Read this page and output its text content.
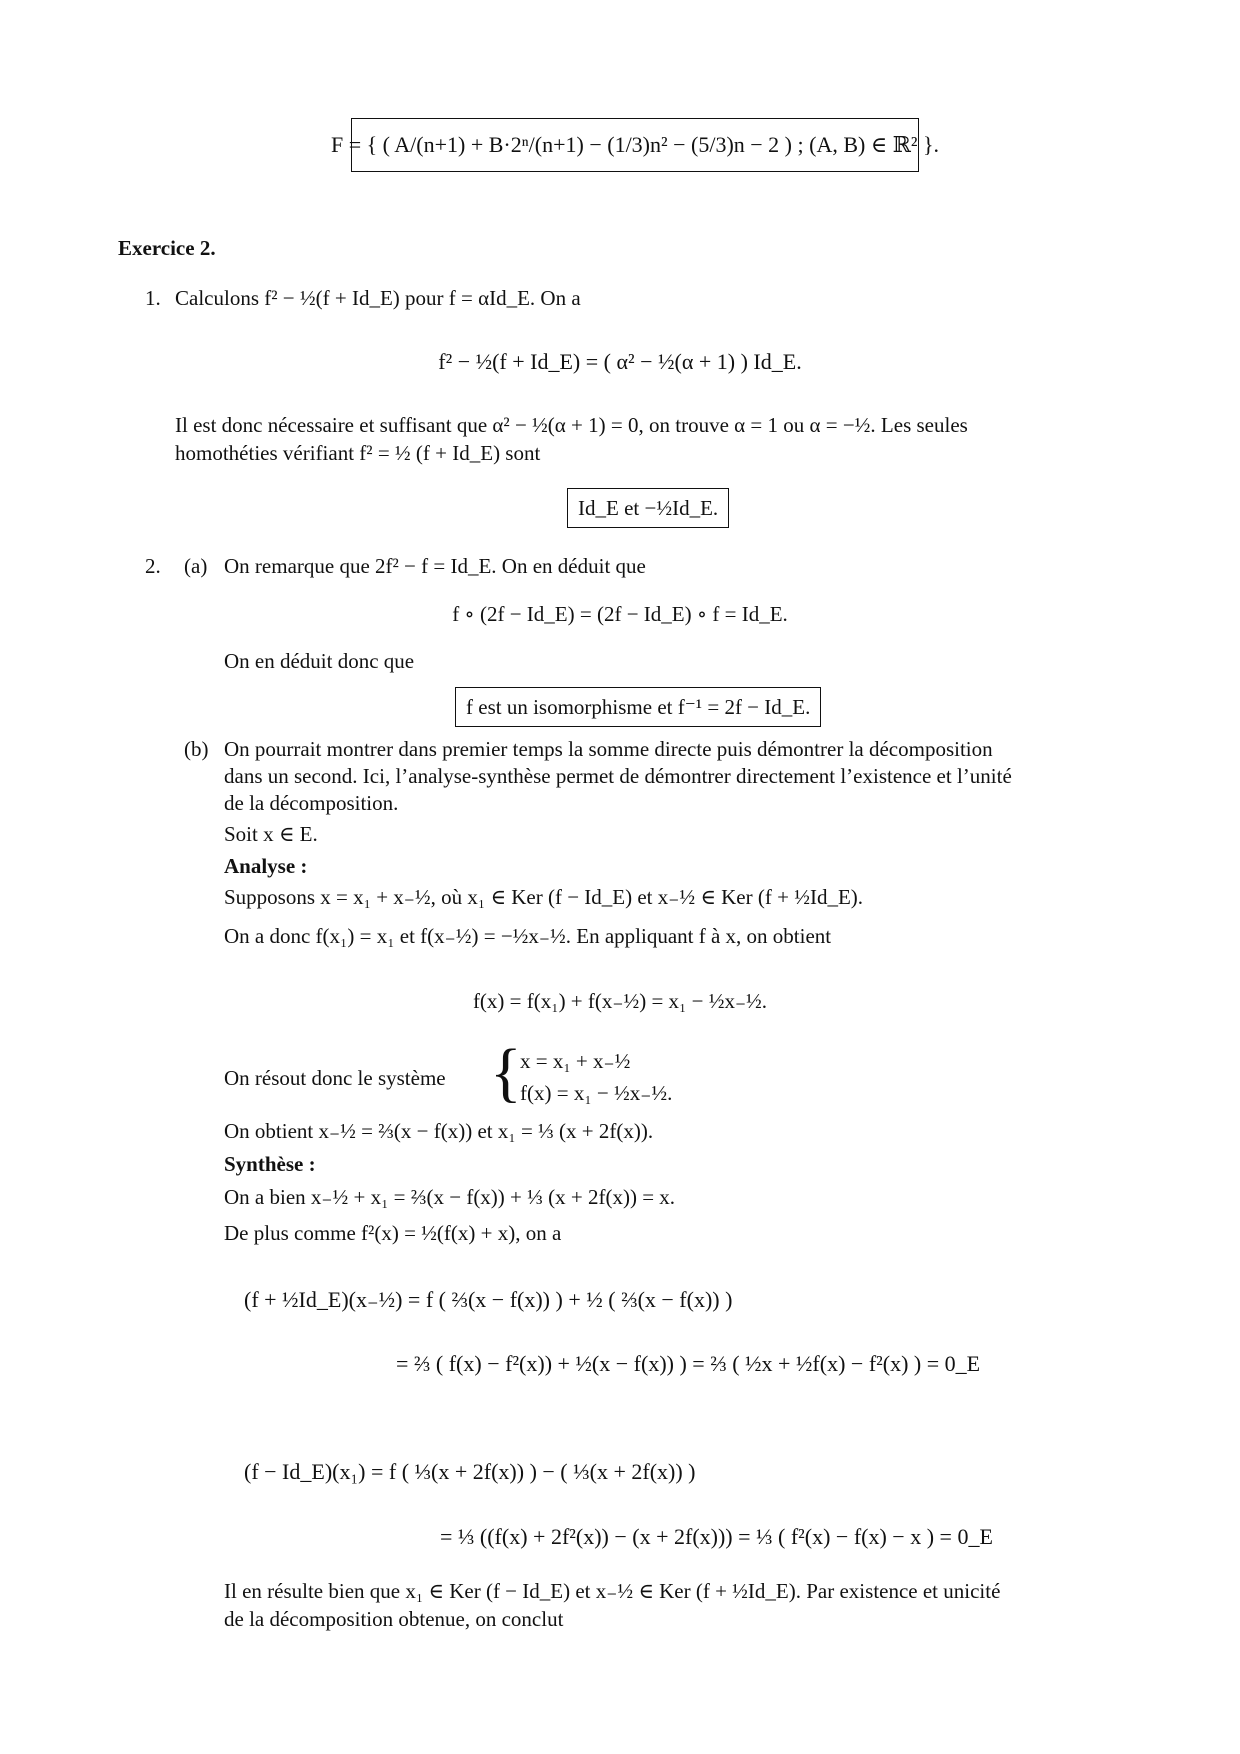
F = { ( A/(n+1) + B·2ⁿ/(n+1) − (1/3)n² − (5/3)n − 2 ) ; (A, B) ∈ ℝ² }.
Exercice 2.
1. Calculons f² − ½(f + Id_E) pour f = αId_E. On a
f² − ½(f + Id_E) = ( α² − ½(α + 1) ) Id_E.
Il est donc nécessaire et suffisant que α² − ½(α + 1) = 0, on trouve α = 1 ou α = −½. Les seules
homothéties vérifiant f² = ½ (f + Id_E) sont
Id_E et −½Id_E.
2. (a) On remarque que 2f² − f = Id_E. On en déduit que
f ∘ (2f − Id_E) = (2f − Id_E) ∘ f = Id_E.
On en déduit donc que
f est un isomorphisme et f⁻¹ = 2f − Id_E.
(b) On pourrait montrer dans premier temps la somme directe puis démontrer la décomposition
dans un second. Ici, l’analyse-synthèse permet de démontrer directement l’existence et l’unité
de la décomposition.
Soit x ∈ E.
Analyse :
Supposons x = x₁ + x₋½, où x₁ ∈ Ker (f − Id_E) et x₋½ ∈ Ker (f + ½Id_E).
On a donc f(x₁) = x₁ et f(x₋½) = −½x₋½. En appliquant f à x, on obtient
f(x) = f(x₁) + f(x₋½) = x₁ − ½x₋½.
On résout donc le système {
x = x₁ + x₋½
f(x) = x₁ − ½x₋½.
On obtient x₋½ = ⅔(x − f(x)) et x₁ = ⅓ (x + 2f(x)).
Synthèse :
On a bien x₋½ + x₁ = ⅔(x − f(x)) + ⅓ (x + 2f(x)) = x.
De plus comme f²(x) = ½(f(x) + x), on a
(f + ½Id_E)(x₋½) = f ( ⅔(x − f(x)) ) + ½ ( ⅔(x − f(x)) )
= ⅔ ( f(x) − f²(x)) + ½(x − f(x)) ) = ⅔ ( ½x + ½f(x) − f²(x) ) = 0_E
(f − Id_E)(x₁) = f ( ⅓(x + 2f(x)) ) − ( ⅓(x + 2f(x)) )
= ⅓ ((f(x) + 2f²(x)) − (x + 2f(x))) = ⅓ ( f²(x) − f(x) − x ) = 0_E
Il en résulte bien que x₁ ∈ Ker (f − Id_E) et x₋½ ∈ Ker (f + ½Id_E). Par existence et unicité
de la décomposition obtenue, on conclut
